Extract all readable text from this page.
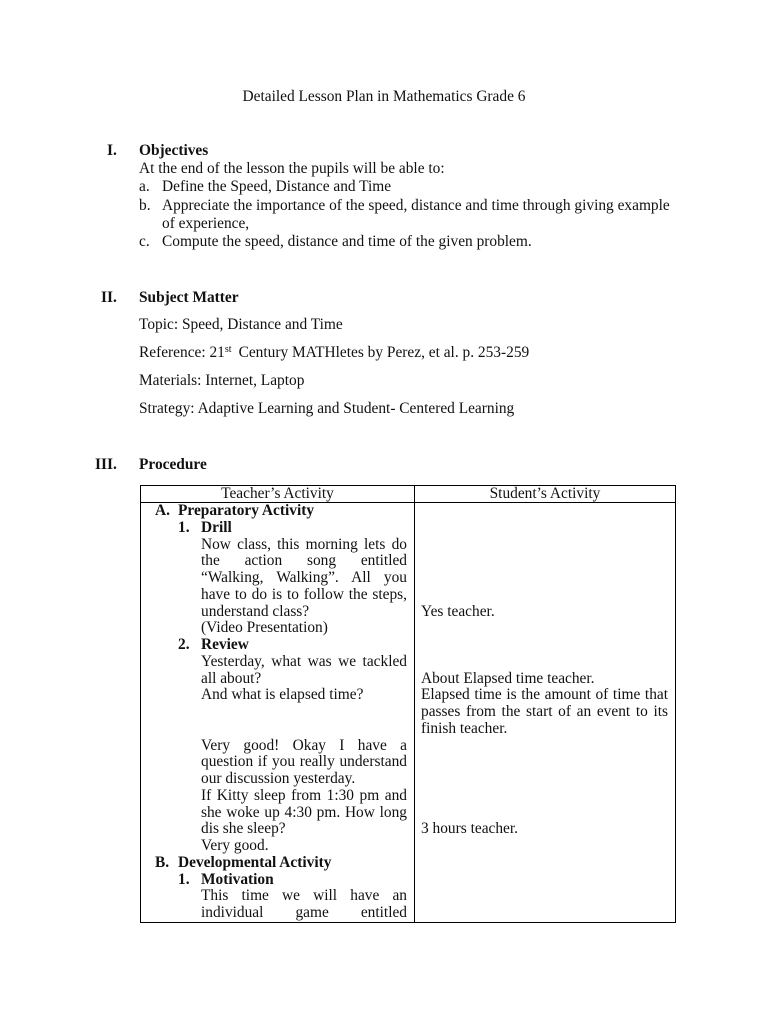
Detailed Lesson Plan in Mathematics Grade 6
I. Objectives
At the end of the lesson the pupils will be able to:
a. Define the Speed, Distance and Time
b. Appreciate the importance of the speed, distance and time through giving example
of experience,
c. Compute the speed, distance and time of the given problem.
II. Subject Matter
Topic: Speed, Distance and Time
Reference: 21st Century MATHletes by Perez, et al. p. 253-259
Materials: Internet, Laptop
Strategy: Adaptive Learning and Student- Centered Learning
III. Procedure
Teacher’s Activity	Student’s Activity
A. Preparatory Activity
1. Drill
Now class, this morning lets do
the action song entitled
“Walking, Walking”. All you
have to do is to follow the steps,
understand class?
(Video Presentation)
2. Review
Yesterday, what was we tackled
all about?
And what is elapsed time?
Very good! Okay I have a
question if you really understand
our discussion yesterday.
If Kitty sleep from 1:30 pm and
she woke up 4:30 pm. How long
dis she sleep?
Very good.
B. Developmental Activity
1. Motivation
This time we will have an
individual game entitled
Yes teacher.
About Elapsed time teacher.
Elapsed time is the amount of time that
passes from the start of an event to its
finish teacher.
3 hours teacher.
